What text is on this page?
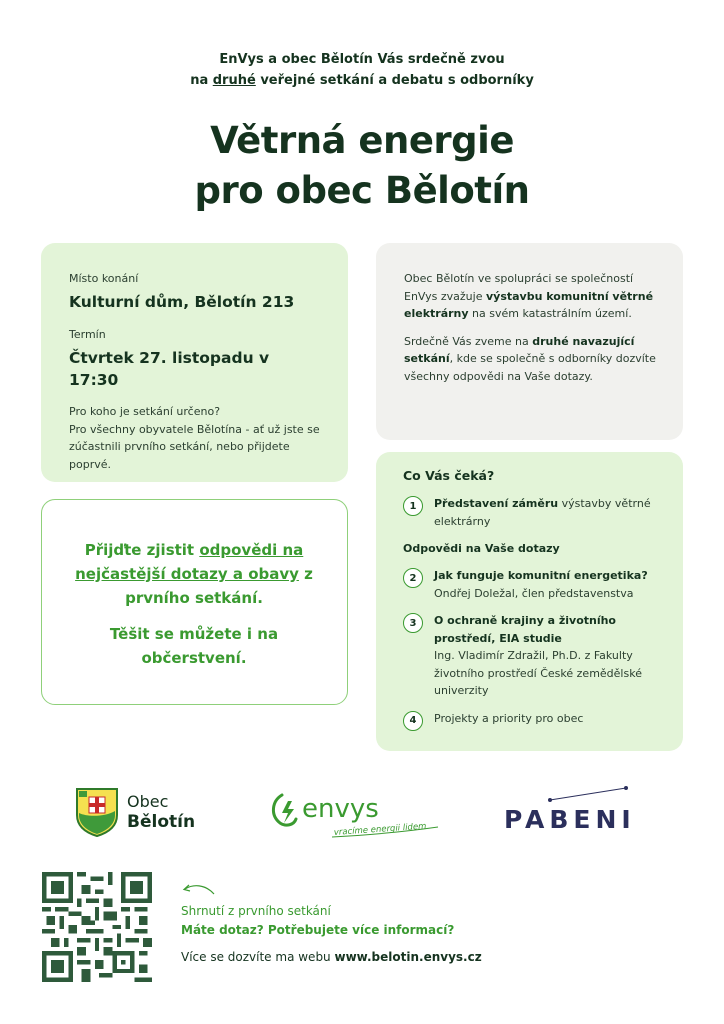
EnVys a obec Bělotín Vás srdečně zvou
na druhé veřejné setkání a debatu s odborníky
Větrná energie
pro obec Bělotín
Místo konání
Kulturní dům, Bělotín 213
Termín
Čtvrtek 27. listopadu v 17:30
Pro koho je setkání určeno?
Pro všechny obyvatele Bělotína - ať už jste se zúčastnili prvního setkání, nebo přijdete poprvé.
Obec Bělotín ve spolupráci se společností EnVys zvažuje výstavbu komunitní větrné elektrárny na svém katastrálním území.
Srdečně Vás zveme na druhé navazující setkání, kde se společně s odborníky dozvíte všechny odpovědi na Vaše dotazy.
Přijďte zjistit odpovědi na nejčastější dotazy a obavy z prvního setkání.
Těšit se můžete i na občerstvení.
Co Vás čeká?
1	Představení záměru výstavby větrné elektrárny
Odpovědi na Vaše dotazy
2	Jak funguje komunitní energetika?
Ondřej Doležal, člen představenstva
3	O ochraně krajiny a životního prostředí, EIA studie
Ing. Vladimír Zdražil, Ph.D. z Fakulty životního prostředí České zemědělské univerzity
4	Projekty a priority pro obec
Obec
Bělotín	envys
vracíme energii lidem	PABENI
Shrnutí z prvního setkání
Máte dotaz? Potřebujete více informací?
Více se dozvíte ma webu www.belotin.envys.cz
